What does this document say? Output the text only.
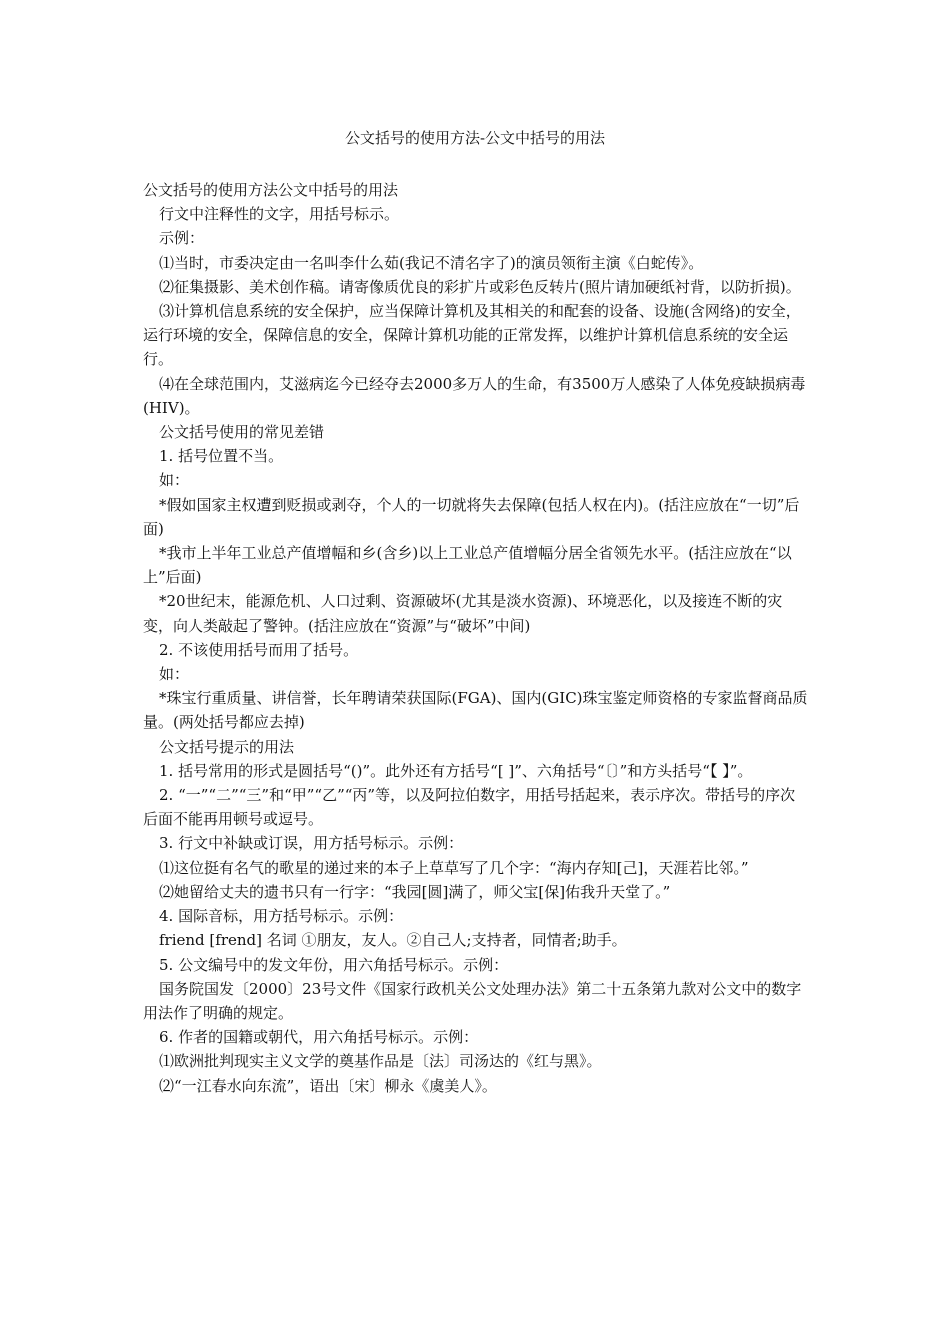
公文括号的使用方法-公文中括号的用法

公文括号的使用方法公文中括号的用法

行文中注释性的文字，用括号标示。

示例：

⑴当时，市委决定由一名叫李什么茹(我记不清名字了)的演员领衔主演《白蛇传》。

⑵征集摄影、美术创作稿。请寄像质优良的彩扩片或彩色反转片(照片请加硬纸衬背，以防折损)。

⑶计算机信息系统的安全保护，应当保障计算机及其相关的和配套的设备、设施(含网络)的安全，运行环境的安全，保障信息的安全，保障计算机功能的正常发挥，以维护计算机信息系统的安全运行。

⑷在全球范围内，艾滋病迄今已经夺去2000多万人的生命，有3500万人感染了人体免疫缺损病毒(HIV)。

公文括号使用的常见差错

1. 括号位置不当。

如：

*假如国家主权遭到贬损或剥夺，个人的一切就将失去保障(包括人权在内)。(括注应放在“一切”后面)

*我市上半年工业总产值增幅和乡(含乡)以上工业总产值增幅分居全省领先水平。(括注应放在“以上”后面)

*20世纪末，能源危机、人口过剩、资源破坏(尤其是淡水资源)、环境恶化，以及接连不断的灾变，向人类敲起了警钟。(括注应放在“资源”与“破坏”中间)

2. 不该使用括号而用了括号。

如：

*珠宝行重质量、讲信誉，长年聘请荣获国际(FGA)、国内(GIC)珠宝鉴定师资格的专家监督商品质量。(两处括号都应去掉)

公文括号提示的用法

1. 括号常用的形式是圆括号“()”。此外还有方括号“[ ]”、六角括号“〔〕”和方头括号“【 】”。

2. “一”“二”“三”和“甲”“乙”“丙”等，以及阿拉伯数字，用括号括起来，表示序次。带括号的序次后面不能再用顿号或逗号。

3. 行文中补缺或订误，用方括号标示。示例：

⑴这位挺有名气的歌星的递过来的本子上草草写了几个字：“海内存知[己]，天涯若比邻。”

⑵她留给丈夫的遗书只有一行字：“我园[圆]满了，师父宝[保]佑我升天堂了。”

4. 国际音标，用方括号标示。示例：

friend [frend] 名词 ①朋友，友人。②自己人;支持者，同情者;助手。

5. 公文编号中的发文年份，用六角括号标示。示例：

国务院国发〔2000〕23号文件《国家行政机关公文处理办法》第二十五条第九款对公文中的数字用法作了明确的规定。

6. 作者的国籍或朝代，用六角括号标示。示例：

⑴欧洲批判现实主义文学的奠基作品是〔法〕司汤达的《红与黑》。

⑵“一江春水向东流”，语出〔宋〕柳永《虞美人》。
